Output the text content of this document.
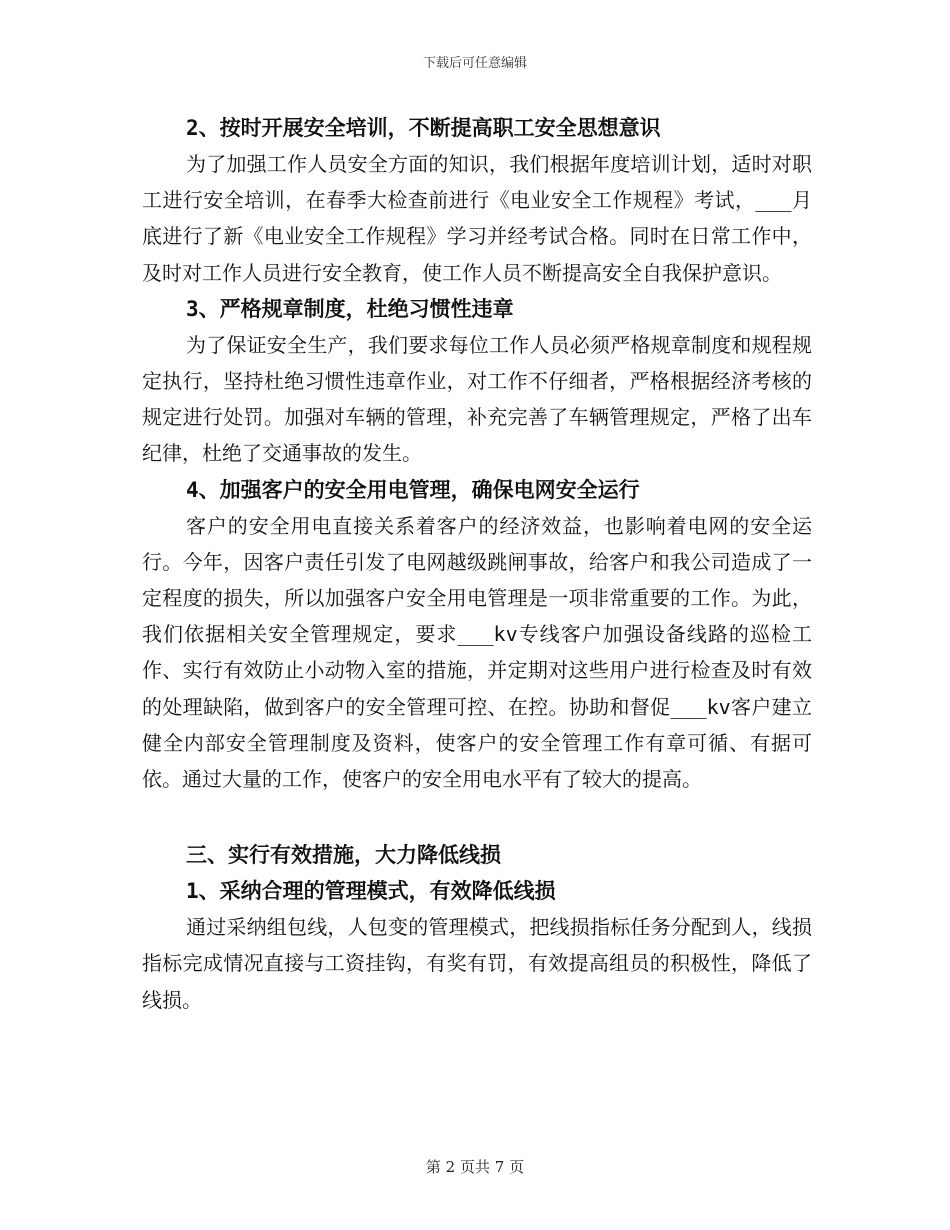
下载后可任意编辑
2、按时开展安全培训，不断提高职工安全思想意识

为了加强工作人员安全方面的知识，我们根据年度培训计划，适时对职工进行安全培训，在春季大检查前进行《电业安全工作规程》考试，___月底进行了新《电业安全工作规程》学习并经考试合格。同时在日常工作中，及时对工作人员进行安全教育，使工作人员不断提高安全自我保护意识。

3、严格规章制度，杜绝习惯性违章

为了保证安全生产，我们要求每位工作人员必须严格规章制度和规程规定执行，坚持杜绝习惯性违章作业，对工作不仔细者，严格根据经济考核的规定进行处罚。加强对车辆的管理，补充完善了车辆管理规定，严格了出车纪律，杜绝了交通事故的发生。

4、加强客户的安全用电管理，确保电网安全运行

客户的安全用电直接关系着客户的经济效益，也影响着电网的安全运行。今年，因客户责任引发了电网越级跳闸事故，给客户和我公司造成了一定程度的损失，所以加强客户安全用电管理是一项非常重要的工作。为此，我们依据相关安全管理规定，要求___kv专线客户加强设备线路的巡检工作、实行有效防止小动物入室的措施，并定期对这些用户进行检查及时有效的处理缺陷，做到客户的安全管理可控、在控。协助和督促___kv客户建立健全内部安全管理制度及资料，使客户的安全管理工作有章可循、有据可依。通过大量的工作，使客户的安全用电水平有了较大的提高。

三、实行有效措施，大力降低线损
1、采纳合理的管理模式，有效降低线损

通过采纳组包线，人包变的管理模式，把线损指标任务分配到人，线损指标完成情况直接与工资挂钩，有奖有罚，有效提高组员的积极性，降低了线损。

第 2 页共 7 页
